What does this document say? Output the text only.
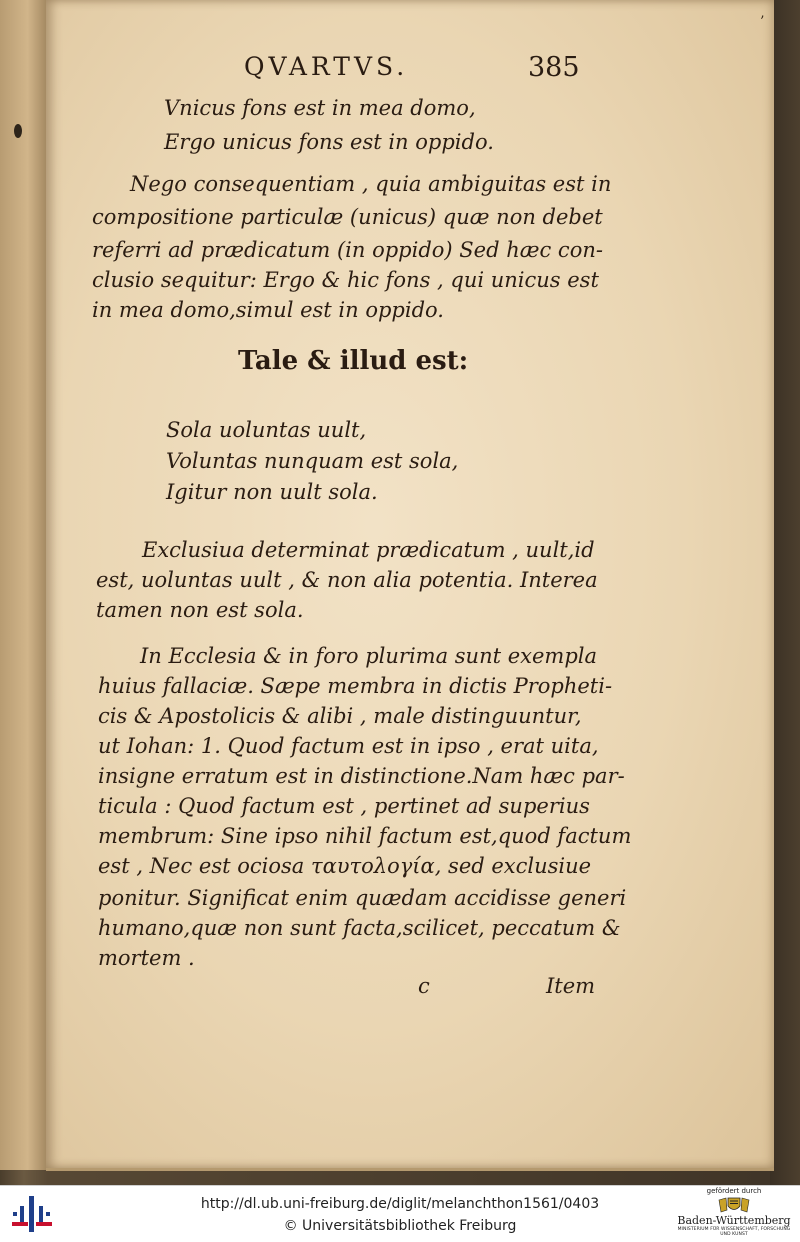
’
QVARTVS.	385
Vnicus fons est in mea domo,
Ergo unicus fons est in oppido.
Nego consequentiam , quia ambiguitas est in
compositione particulæ (unicus) quæ non debet
referri ad prædicatum (in oppido) Sed hæc con-
clusio sequitur: Ergo & hic fons , qui unicus est
in mea domo,simul est in oppido.
Tale & illud est:
Sola uoluntas uult,
Voluntas nunquam est sola,
Igitur non uult sola.
Exclusiua determinat prædicatum , uult,id
est, uoluntas uult , & non alia potentia. Interea
tamen non est sola.
In Ecclesia & in foro plurima sunt exempla
huius fallaciæ. Sæpe membra in dictis Propheti-
cis & Apostolicis & alibi , male distinguuntur,
ut Iohan: 1. Quod factum est in ipso , erat uita,
insigne erratum est in distinctione.Nam hæc par-
ticula : Quod factum est , pertinet ad superius
membrum: Sine ipso nihil factum est,quod factum
est , Nec est ociosa ταυτολογία, sed exclusiue
ponitur. Significat enim quædam accidisse generi
humano,quæ non sunt facta,scilicet, peccatum &
mortem .
c	Item
http://dl.ub.uni-freiburg.de/diglit/melanchthon1561/0403
© Universitätsbibliothek Freiburg
gefördert durch
Baden-Württemberg
MINISTERIUM FÜR WISSENSCHAFT, FORSCHUNG UND KUNST
